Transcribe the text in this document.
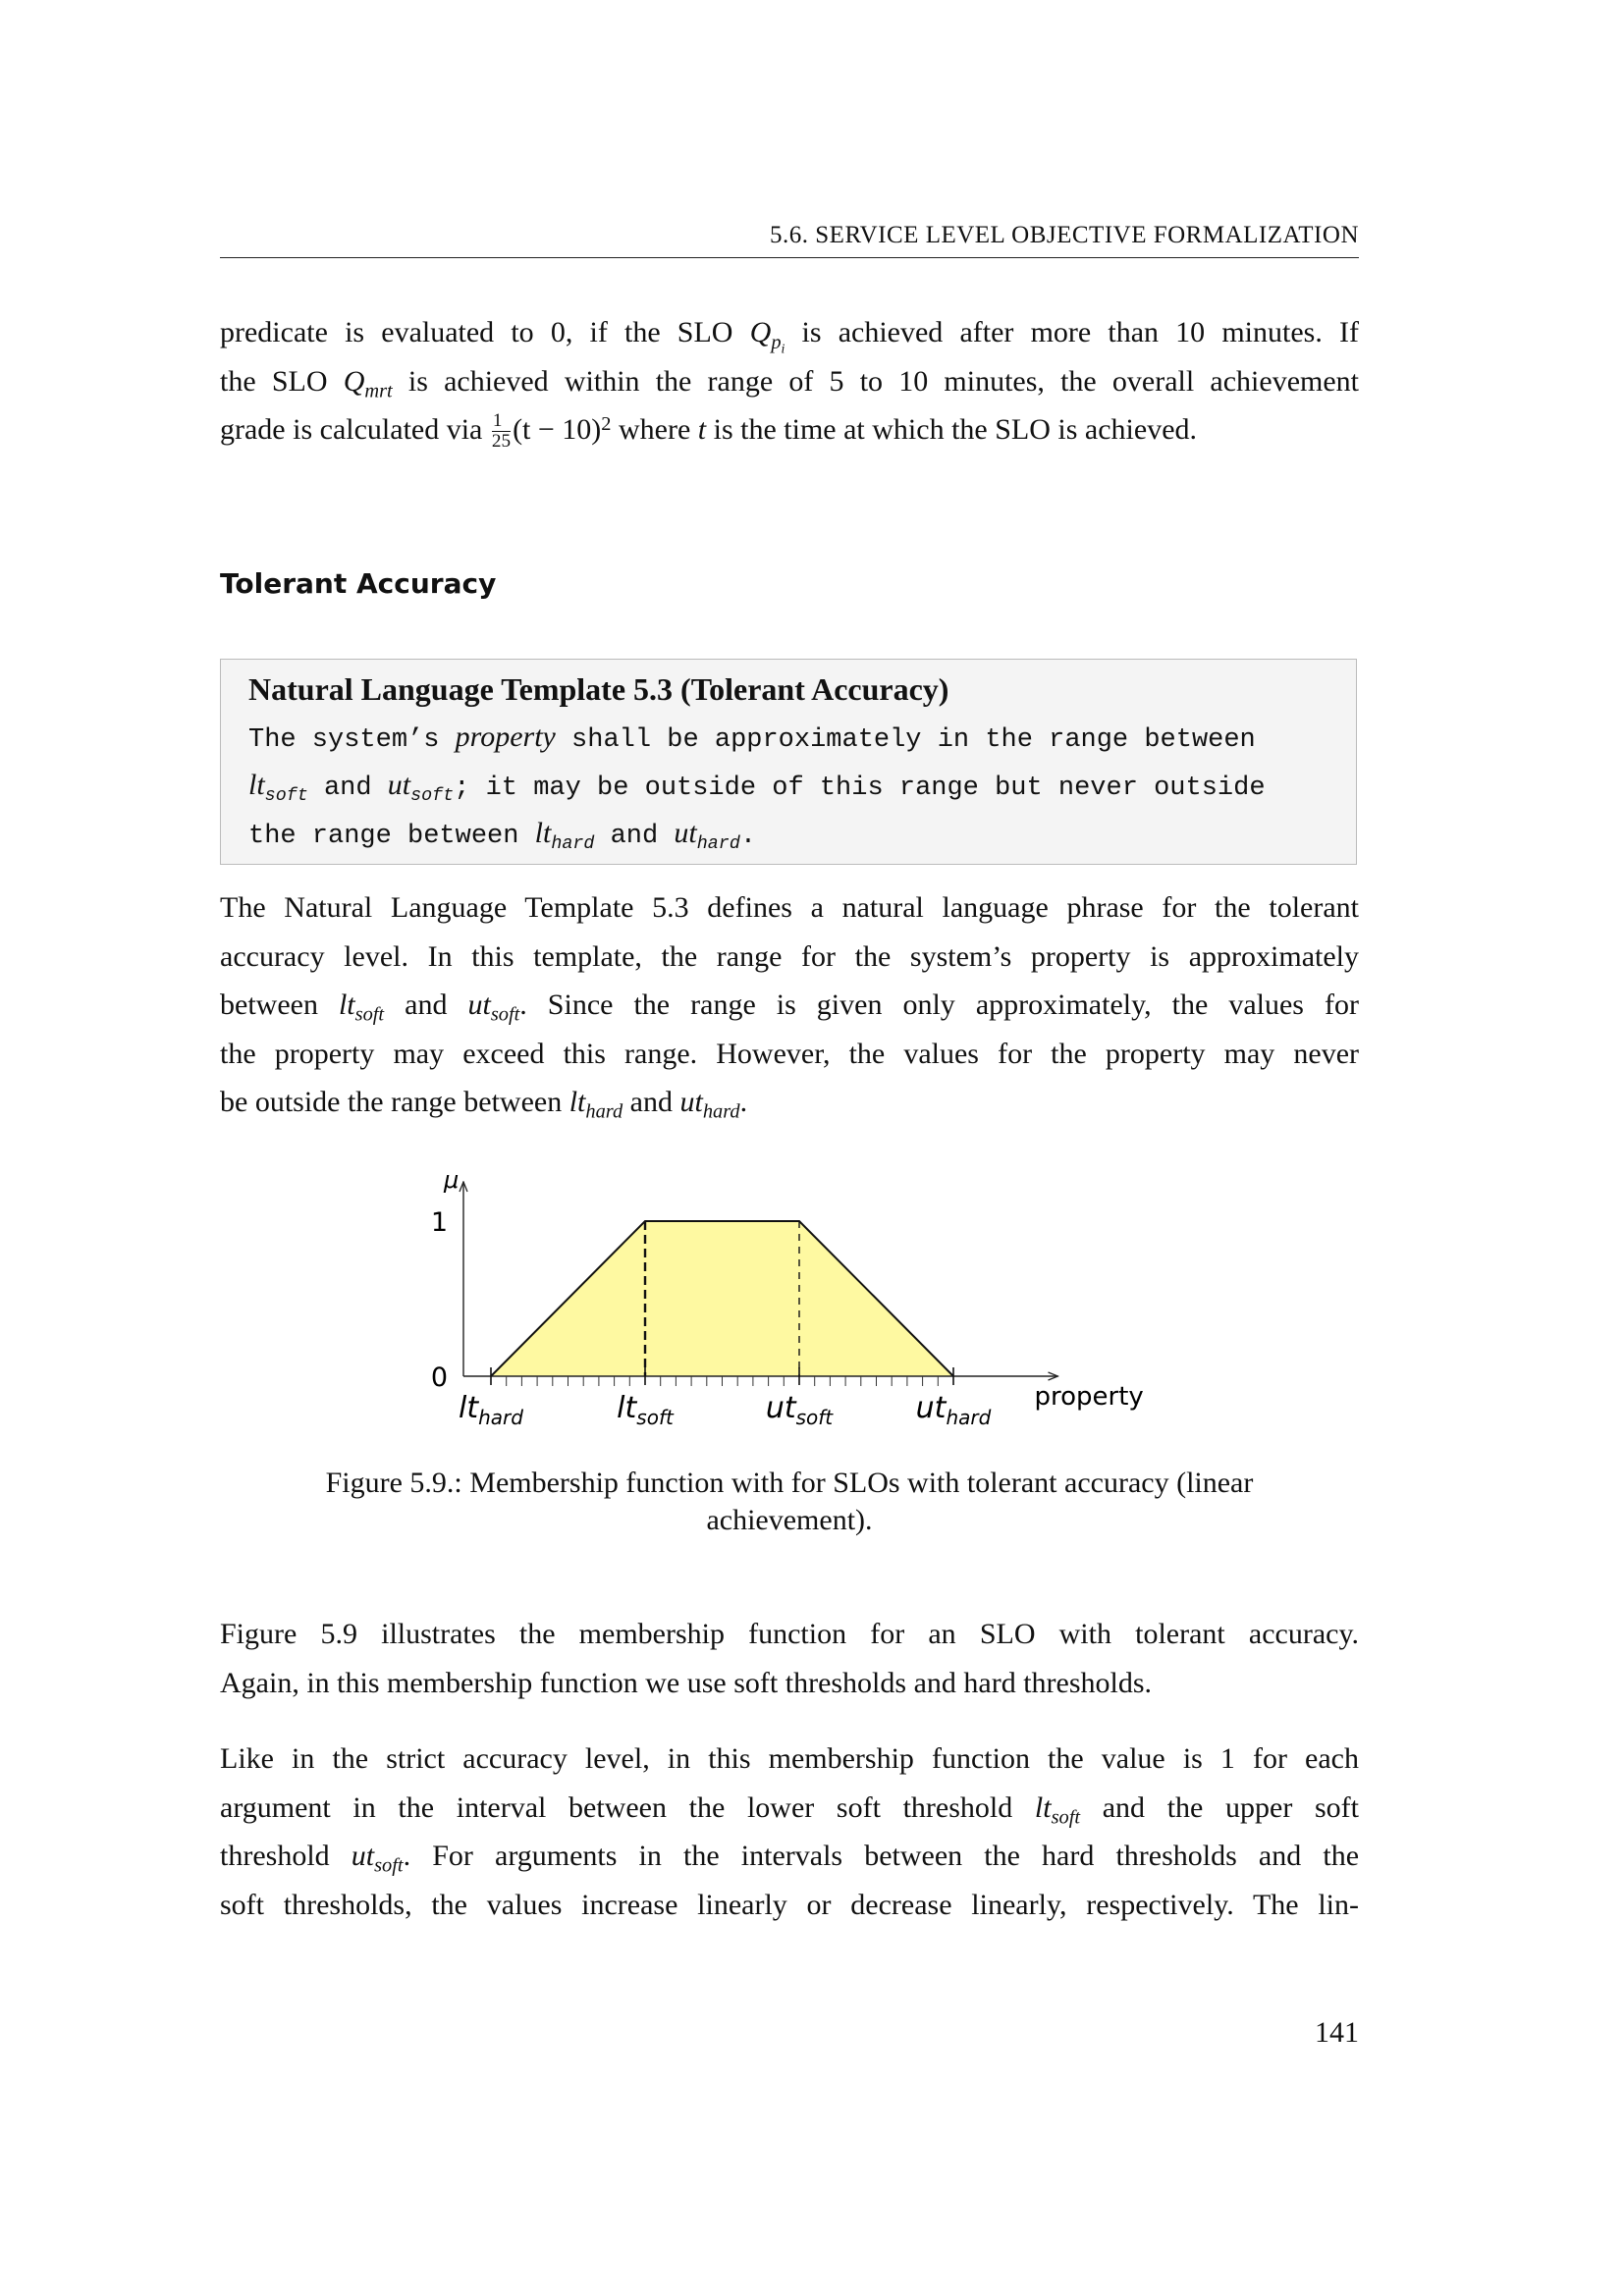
5.6. SERVICE LEVEL OBJECTIVE FORMALIZATION
predicate is evaluated to 0, if the SLO $Q_{p_i}$ is achieved after more than 10 minutes. If
the SLO $Q_{mrt}$ is achieved within the range of 5 to 10 minutes, the overall achievement
grade is calculated via $\frac{1}{25} (t - 10)^2$ where t is the time at which the SLO is achieved.
Tolerant Accuracy
Natural Language Template 5.3 (Tolerant Accuracy)
The system’s property shall be approximately in the range between
$lt_{soft}$ and $ut_{soft}$; it may be outside of this range but never outside
the range between $lt_{hard}$ and $ut_{hard}$.
The Natural Language Template 5.3 defines a natural language phrase for the tolerant
accuracy level. In this template, the range for the system’s property is approximately
between $lt_{soft}$ and $ut_{soft}$. Since the range is given only approximately, the values for
the property may exceed this range. However, the values for the property may never
be outside the range between $lt_{hard}$ and $ut_{hard}$.
μ
1
0
property
$lt_{hard}$	$lt_{soft}$	$ut_{soft}$	$ut_{hard}$
Figure 5.9.: Membership function with for SLOs with tolerant accuracy (linear
achievement).
Figure 5.9 illustrates the membership function for an SLO with tolerant accuracy.
Again, in this membership function we use soft thresholds and hard thresholds.
Like in the strict accuracy level, in this membership function the value is 1 for each
argument in the interval between the lower soft threshold $lt_{soft}$ and the upper soft
threshold $ut_{soft}$. For arguments in the intervals between the hard thresholds and the
soft thresholds, the values increase linearly or decrease linearly, respectively. The lin-
141
